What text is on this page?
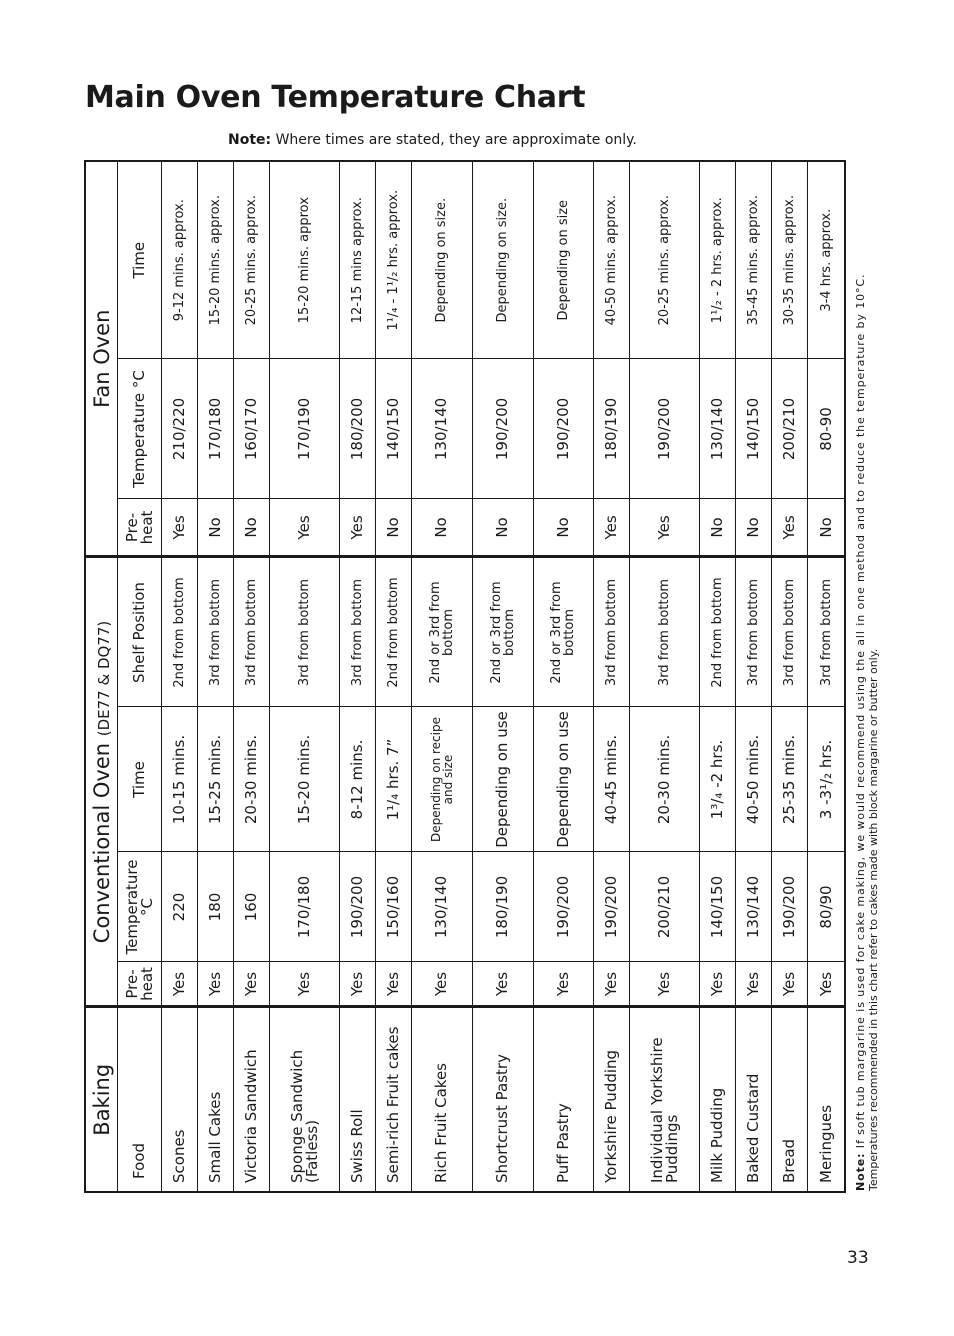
Main Oven Temperature Chart
Note: Where times are stated, they are approximate only.
Baking	Conventional Oven (DE77 & DQ77)				Fan Oven		
Food	Pre- heat	Temperature °C	Time	Shelf Position	Pre- heat	Temperature °C	Time
Scones	Yes	220	10-15 mins.	2nd from bottom	Yes	210/220	9-12 mins. approx.
Small Cakes	Yes	180	15-25 mins.	3rd from bottom	No	170/180	15-20 mins. approx.
Victoria Sandwich	Yes	160	20-30 mins.	3rd from bottom	No	160/170	20-25 mins. approx.
Sponge Sandwich (Fatless)	Yes	170/180	15-20 mins.	3rd from bottom	Yes	170/190	15-20 mins. approx
Swiss Roll	Yes	190/200	8-12 mins.	3rd from bottom	Yes	180/200	12-15 mins approx.
Semi-rich Fruit cakes	Yes	150/160	1¹/₄ hrs. 7”	2nd from bottom	No	140/150	1¹/₄ - 1¹/₂ hrs. approx.
Rich Fruit Cakes	Yes	130/140	Depending on recipe and size	2nd or 3rd from bottom	No	130/140	Depending on size.
Shortcrust Pastry	Yes	180/190	Depending on use	2nd or 3rd from bottom	No	190/200	Depending on size.
Puff Pastry	Yes	190/200	Depending on use	2nd or 3rd from bottom	No	190/200	Depending on size
Yorkshire Pudding	Yes	190/200	40-45 mins.	3rd from bottom	Yes	180/190	40-50 mins. approx.
Individual Yorkshire Puddings	Yes	200/210	20-30 mins.	3rd from bottom	Yes	190/200	20-25 mins. approx.
Milk Pudding	Yes	140/150	1³/₄ -2 hrs.	2nd from bottom	No	130/140	1¹/₂ - 2 hrs. approx.
Baked Custard	Yes	130/140	40-50 mins.	3rd from bottom	No	140/150	35-45 mins. approx.
Bread	Yes	190/200	25-35 mins.	3rd from bottom	Yes	200/210	30-35 mins. approx.
Meringues	Yes	80/90	3 -3¹/₂ hrs.	3rd from bottom	No	80-90	3-4 hrs. approx.
Note: If soft tub margarine is used for cake making, we would recommend using the all in one method and to reduce the temperature by 10°C. Temperatures recommended in this chart refer to cakes made with block margarine or butter only.
33
